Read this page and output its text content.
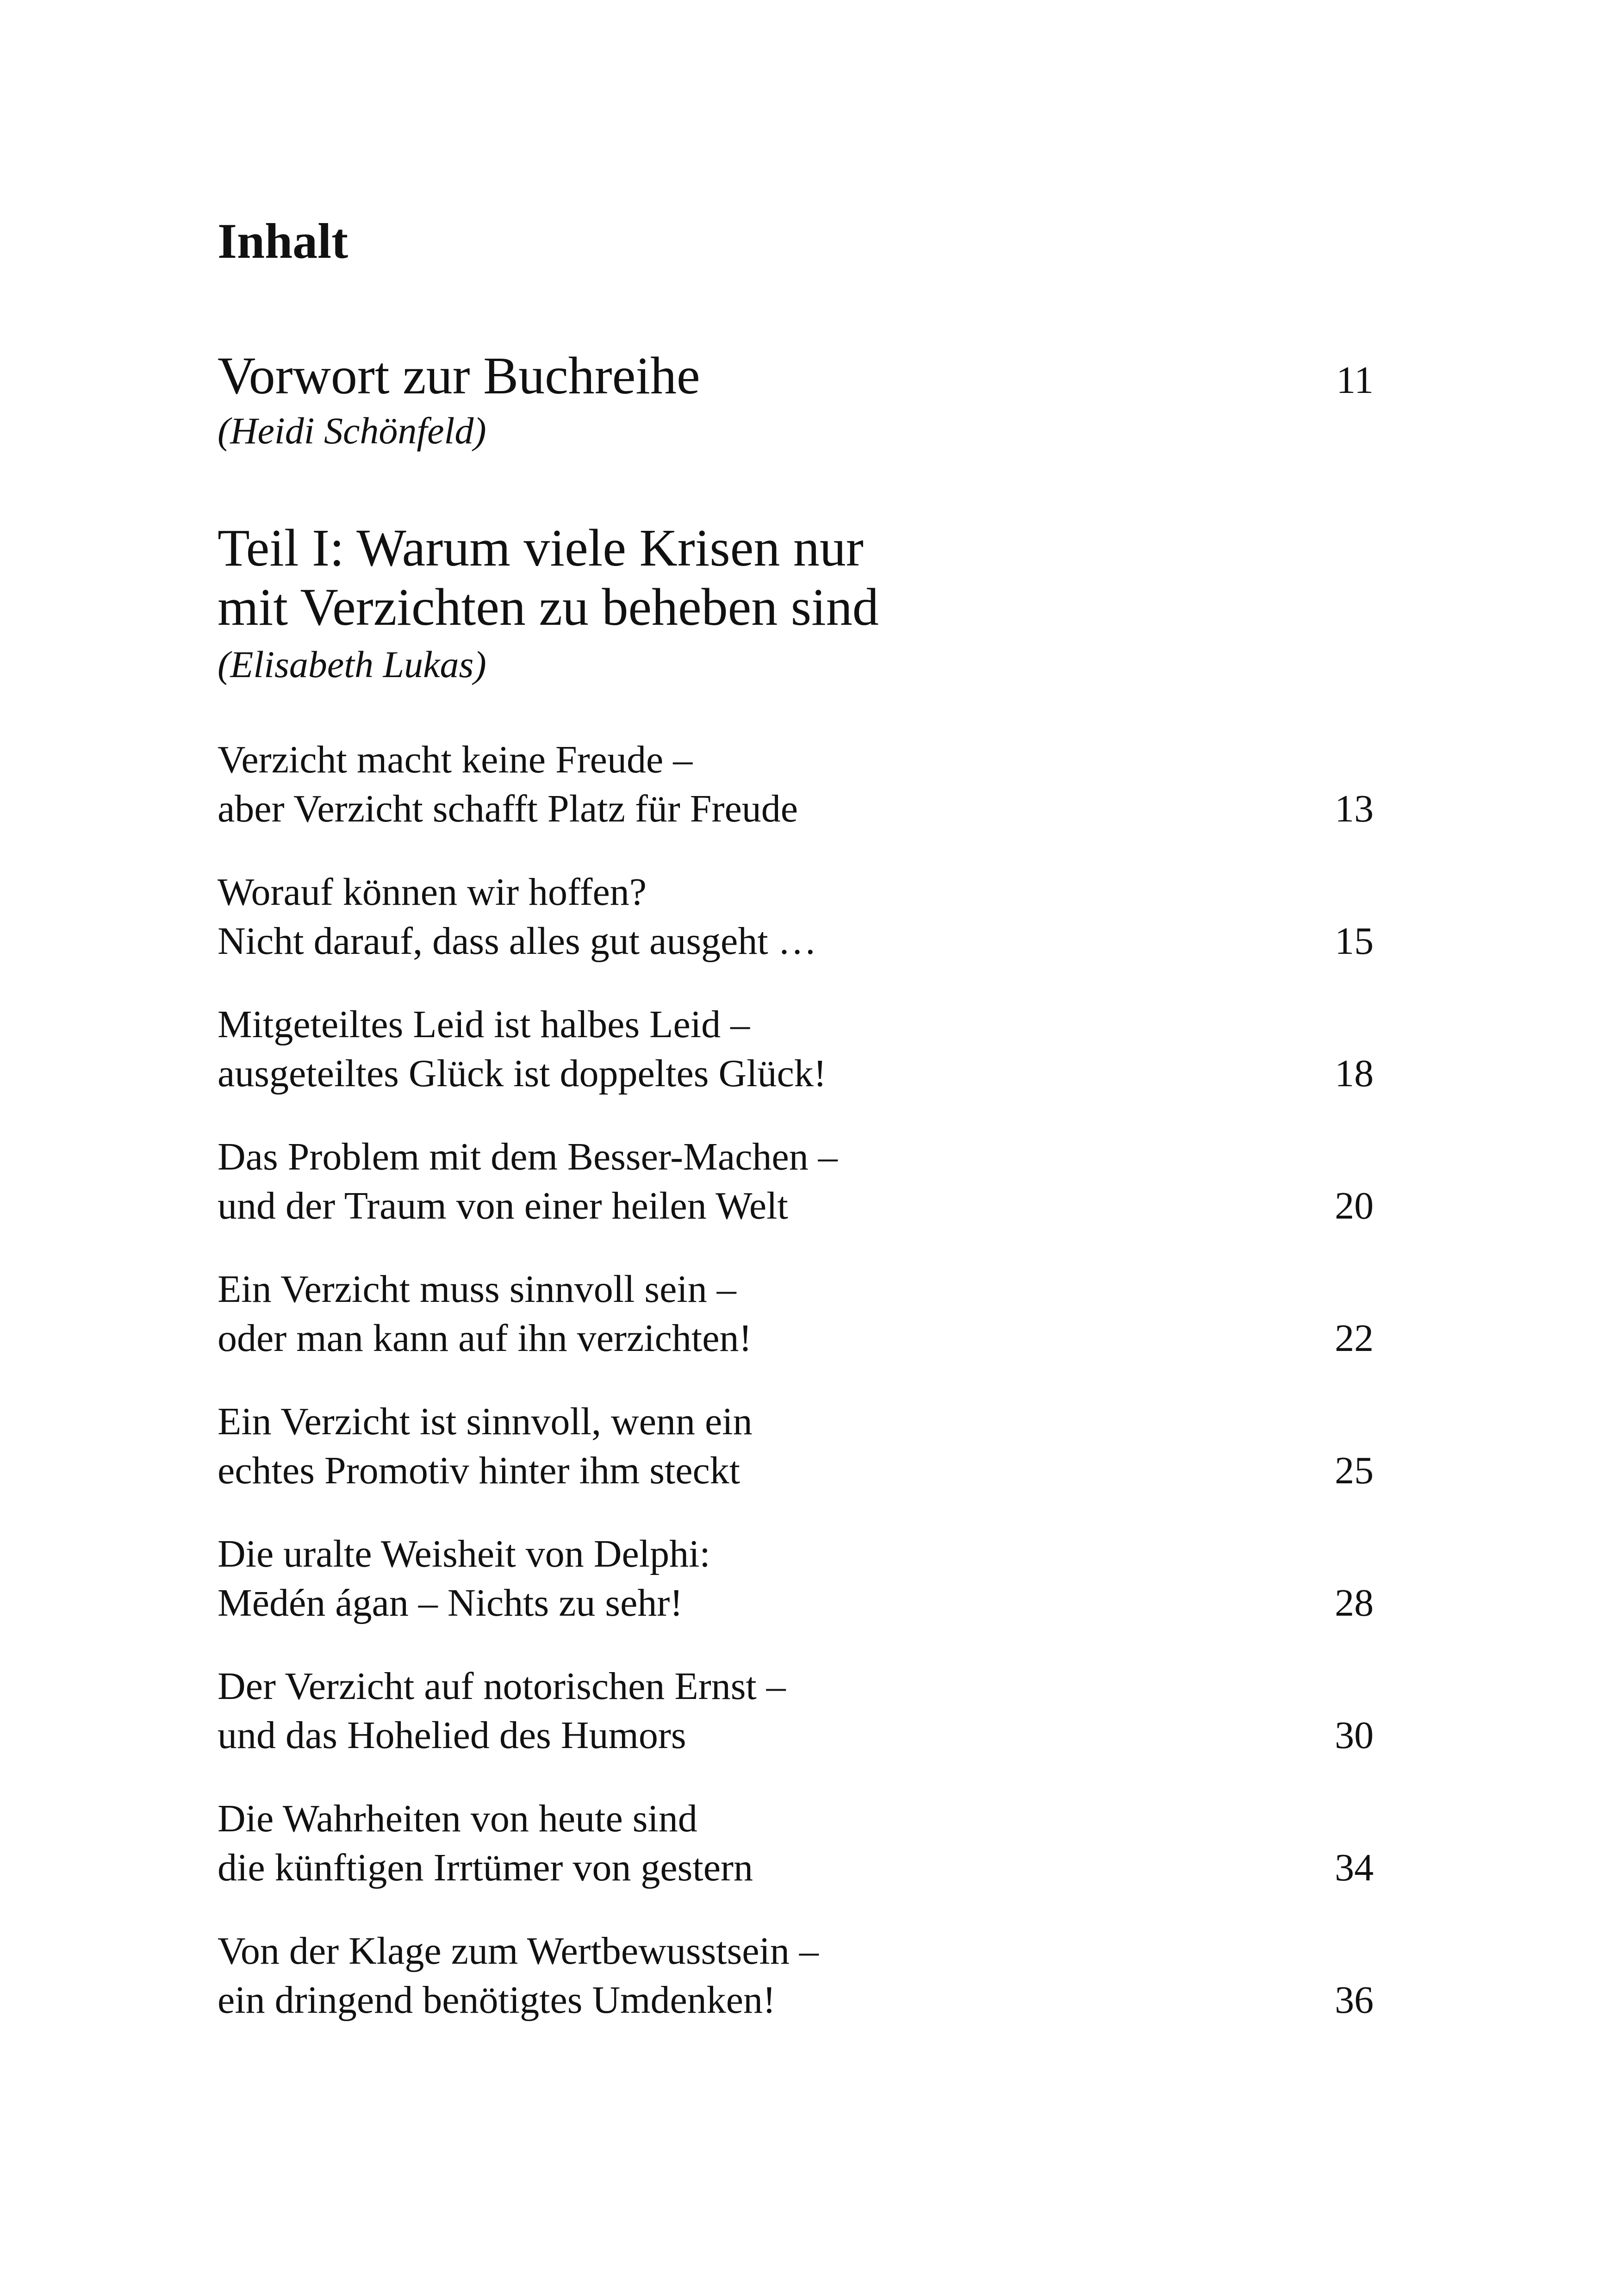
Inhalt
Vorwort zur Buchreihe	11
(Heidi Schönfeld)
Teil I: Warum viele Krisen nur
mit Verzichten zu beheben sind
(Elisabeth Lukas)
Verzicht macht keine Freude –
aber Verzicht schafft Platz für Freude	13
Worauf können wir hoffen?
Nicht darauf, dass alles gut ausgeht …	15
Mitgeteiltes Leid ist halbes Leid –
ausgeteiltes Glück ist doppeltes Glück!	18
Das Problem mit dem Besser-Machen –
und der Traum von einer heilen Welt	20
Ein Verzicht muss sinnvoll sein –
oder man kann auf ihn verzichten!	22
Ein Verzicht ist sinnvoll, wenn ein
echtes Promotiv hinter ihm steckt	25
Die uralte Weisheit von Delphi:
Mēdén ágan – Nichts zu sehr!	28
Der Verzicht auf notorischen Ernst –
und das Hohelied des Humors	30
Die Wahrheiten von heute sind
die künftigen Irrtümer von gestern	34
Von der Klage zum Wertbewusstsein –
ein dringend benötigtes Umdenken!	36
